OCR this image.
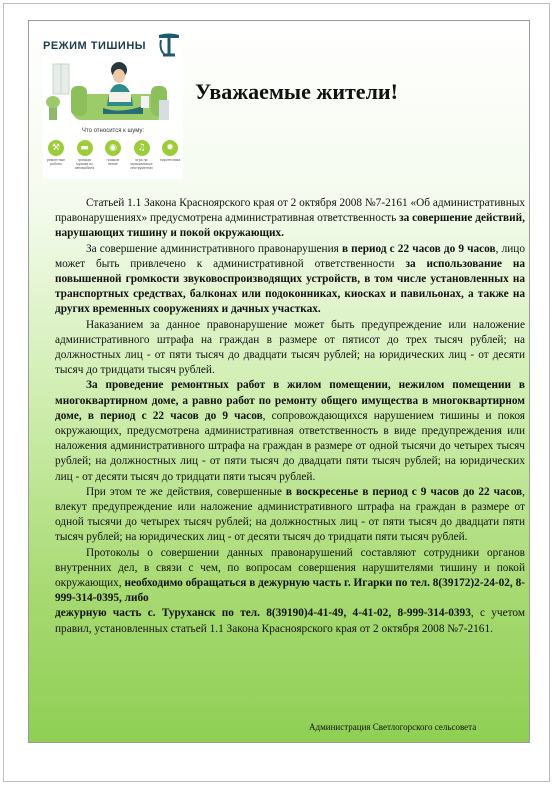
РЕЖИМ ТИШИНЫ
Что относится к шуму:
⚒
ремонтные работы
▬
громкая музыка из автомобиля
◉
громкое пение
♫
игра на музыкальных инструментах
✸
пиротехника
Уважаемые жители!

Статьей 1.1 Закона Красноярского края от 2 октября 2008 №7-2161 «Об административных правонарушениях» предусмотрена административная ответственность за совершение действий, нарушающих тишину и покой окружающих.

За совершение административного правонарушения в период с 22 часов до 9 часов, лицо может быть привлечено к административной ответственности за использование на повышенной громкости звуковоспроизводящих устройств, в том числе установленных на транспортных средствах, балконах или подоконниках, киосках и павильонах, а также на других временных сооружениях и дачных участках.

Наказанием за данное правонарушение может быть предупреждение или наложение административного штрафа на граждан в размере от пятисот до трех тысяч рублей; на должностных лиц - от пяти тысяч до двадцати тысяч рублей; на юридических лиц - от десяти тысяч до тридцати тысяч рублей.

За проведение ремонтных работ в жилом помещении, нежилом помещении в многоквартирном доме, а равно работ по ремонту общего имущества в многоквартирном доме, в период с 22 часов до 9 часов, сопровождающихся нарушением тишины и покоя окружающих, предусмотрена административная ответственность в виде предупреждения или наложения административного штрафа на граждан в размере от одной тысячи до четырех тысяч рублей; на должностных лиц - от пяти тысяч до двадцати пяти тысяч рублей; на юридических лиц - от десяти тысяч до тридцати пяти тысяч рублей.

При этом те же действия, совершенные в воскресенье в период с 9 часов до 22 часов, влекут предупреждение или наложение административного штрафа на граждан в размере от одной тысячи до четырех тысяч рублей; на должностных лиц - от пяти тысяч до двадцати пяти тысяч рублей; на юридических лиц - от десяти тысяч до тридцати пяти тысяч рублей.

Протоколы о совершении данных правонарушений составляют сотрудники органов внутренних дел, в связи с чем, по вопросам совершения нарушителями тишину и покой окружающих, необходимо обращаться в дежурную часть г. Игарки по тел. 8(39172)2-24-02, 8-999-314-0395, либо

дежурную часть с. Туруханск по тел. 8(39190)4-41-49, 4-41-02, 8-999-314-0393, с учетом правил, установленных статьей 1.1 Закона Красноярского края от 2 октября 2008 №7-2161.

Администрация Светлогорского сельсовета
